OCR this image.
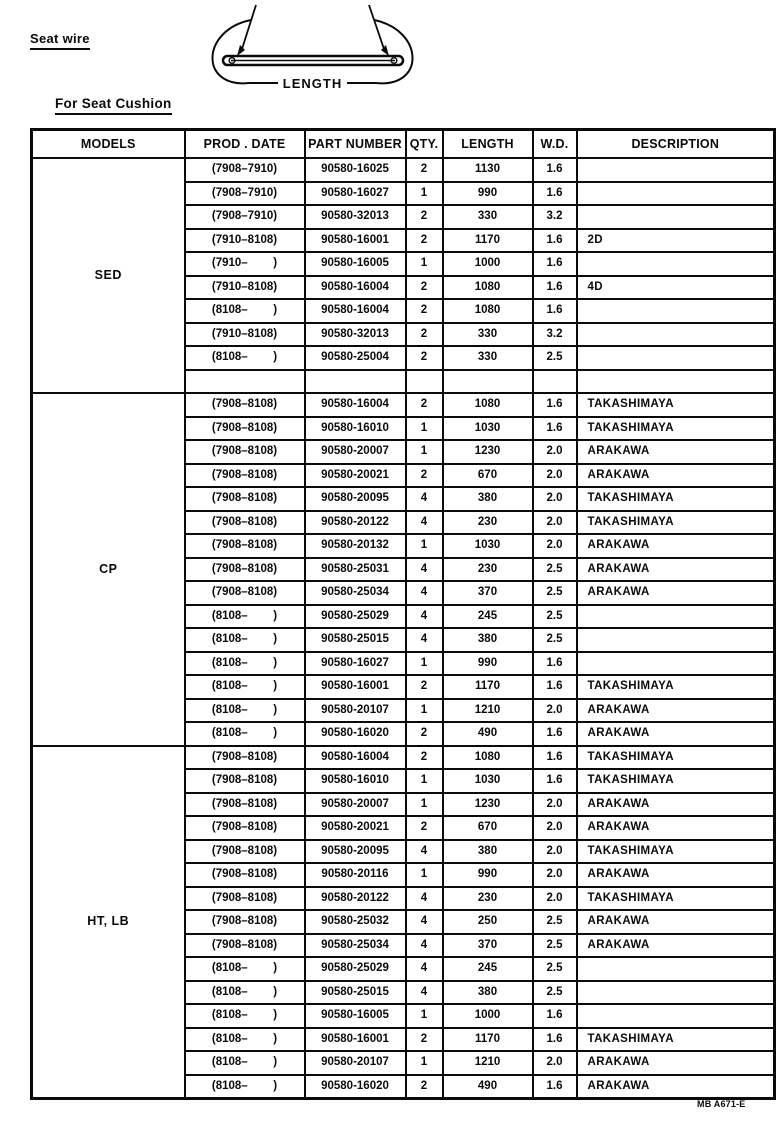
Seat wire
LENGTH
For Seat Cushion
MODELS	PROD . DATE	PART NUMBER	QTY.	LENGTH	W.D.	DESCRIPTION
SED	(7908–7910)	90580-16025	2	1130	1.6	
	(7908–7910)	90580-16027	1	990	1.6	
	(7908–7910)	90580-32013	2	330	3.2	
	(7910–8108)	90580-16001	2	1170	1.6	2D
	(7910–        )	90580-16005	1	1000	1.6	
	(7910–8108)	90580-16004	2	1080	1.6	4D
	(8108–        )	90580-16004	2	1080	1.6	
	(7910–8108)	90580-32013	2	330	3.2	
	(8108–        )	90580-25004	2	330	2.5	

CP	(7908–8108)	90580-16004	2	1080	1.6	TAKASHIMAYA
	(7908–8108)	90580-16010	1	1030	1.6	TAKASHIMAYA
	(7908–8108)	90580-20007	1	1230	2.0	ARAKAWA
	(7908–8108)	90580-20021	2	670	2.0	ARAKAWA
	(7908–8108)	90580-20095	4	380	2.0	TAKASHIMAYA
	(7908–8108)	90580-20122	4	230	2.0	TAKASHIMAYA
	(7908–8108)	90580-20132	1	1030	2.0	ARAKAWA
	(7908–8108)	90580-25031	4	230	2.5	ARAKAWA
	(7908–8108)	90580-25034	4	370	2.5	ARAKAWA
	(8108–        )	90580-25029	4	245	2.5	
	(8108–        )	90580-25015	4	380	2.5	
	(8108–        )	90580-16027	1	990	1.6	
	(8108–        )	90580-16001	2	1170	1.6	TAKASHIMAYA
	(8108–        )	90580-20107	1	1210	2.0	ARAKAWA
	(8108–        )	90580-16020	2	490	1.6	ARAKAWA
HT, LB	(7908–8108)	90580-16004	2	1080	1.6	TAKASHIMAYA
	(7908–8108)	90580-16010	1	1030	1.6	TAKASHIMAYA
	(7908–8108)	90580-20007	1	1230	2.0	ARAKAWA
	(7908–8108)	90580-20021	2	670	2.0	ARAKAWA
	(7908–8108)	90580-20095	4	380	2.0	TAKASHIMAYA
	(7908–8108)	90580-20116	1	990	2.0	ARAKAWA
	(7908–8108)	90580-20122	4	230	2.0	TAKASHIMAYA
	(7908–8108)	90580-25032	4	250	2.5	ARAKAWA
	(7908–8108)	90580-25034	4	370	2.5	ARAKAWA
	(8108–        )	90580-25029	4	245	2.5	
	(8108–        )	90580-25015	4	380	2.5	
	(8108–        )	90580-16005	1	1000	1.6	
	(8108–        )	90580-16001	2	1170	1.6	TAKASHIMAYA
	(8108–        )	90580-20107	1	1210	2.0	ARAKAWA
	(8108–        )	90580-16020	2	490	1.6	ARAKAWA
MB A671-E
